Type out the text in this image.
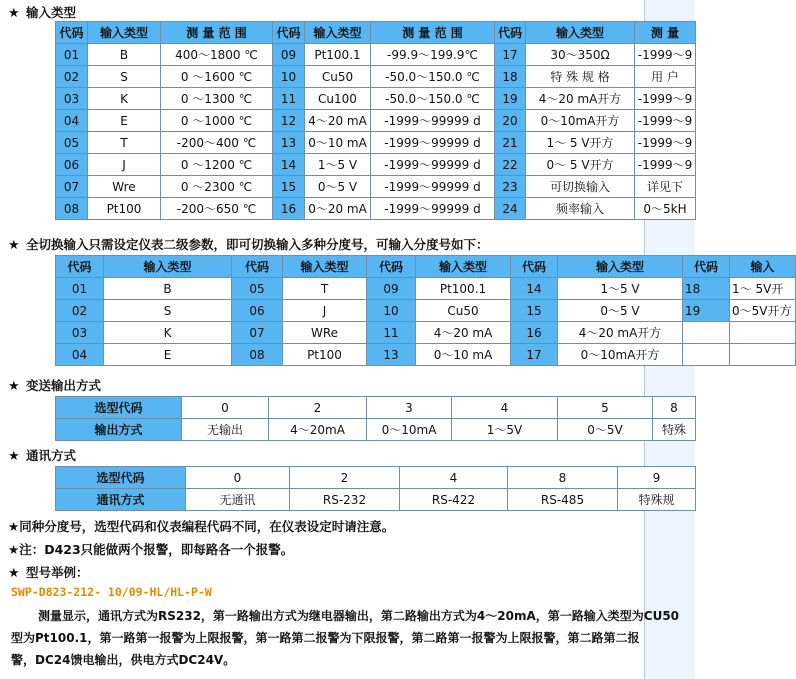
★ 输入类型
代码	输入类型	测 量 范 围	代码	输入类型	测 量 范 围	代码	输入类型	测 量
01	B	400～1800 ℃	09	Pt100.1	-99.9～199.9℃	17	30～350Ω	-1999～9
02	S	0 ～1600 ℃	10	Cu50	-50.0～150.0 ℃	18	特 殊 规 格	用 户
03	K	0 ～1300 ℃	11	Cu100	-50.0～150.0 ℃	19	4～20 mA开方	-1999～9
04	E	0 ～1000 ℃	12	4～20 mA	-1999～99999 d	20	0～10mA开方	-1999～9
05	T	-200～400 ℃	13	0～10 mA	-1999～99999 d	21	1～ 5 V开方	-1999～9
06	J	0 ～1200 ℃	14	1～5 V	-1999～99999 d	22	0～ 5 V开方	-1999～9
07	Wre	0 ～2300 ℃	15	0～5 V	-1999～99999 d	23	可切换输入	详见下
08	Pt100	-200～650 ℃	16	0～20 mA	-1999～99999 d	24	频率输入	0～5kH
★ 全切换输入只需设定仪表二级参数，即可切换输入多种分度号，可输入分度号如下：
代码	输入类型	代码	输入类型	代码	输入类型	代码	输入类型	代码	输入
01	B	05	T	09	Pt100.1	14	1～5 V	18	1～ 5V开
02	S	06	J	10	Cu50	15	0～5 V	19	0～5V开方
03	K	07	WRe	11	4～20 mA	16	4～20 mA开方		
04	E	08	Pt100	13	0～10 mA	17	0～10mA开方		
★ 变送输出方式
选型代码	0	2	3	4	5	8
输出方式	无输出	4～20mA	0～10mA	1～5V	0～5V	特殊
★ 通讯方式
选型代码	0	2	4	8	9
通讯方式	无通讯	RS-232	RS-422	RS-485	特殊规
★同种分度号，选型代码和仪表编程代码不同，在仪表设定时请注意。
★注：D423只能做两个报警，即每路各一个报警。
★ 型号举例：
SWP-D823-212- 10/09-HL/HL-P-W
测量显示，通讯方式为RS232，第一路输出方式为继电器输出，第二路输出方式为4～20mA，第一路输入类型为CU50
型为Pt100.1，第一路第一报警为上限报警，第一路第二报警为下限报警，第二路第一报警为上限报警，第二路第二报
警，DC24馈电输出，供电方式DC24V。
